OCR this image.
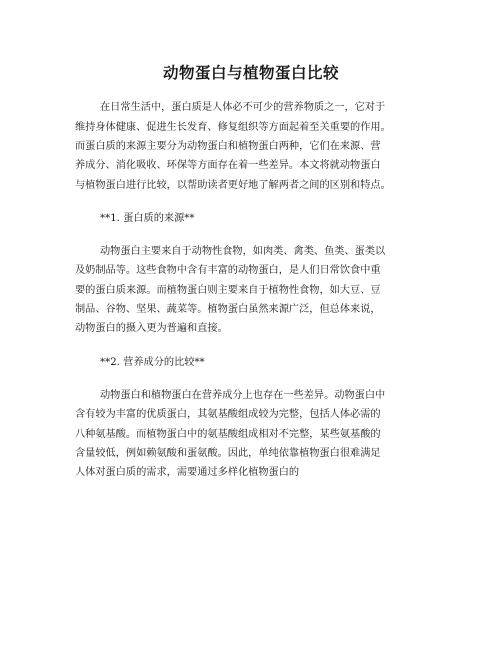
动物蛋白与植物蛋白比较
在日常生活中，蛋白质是人体必不可少的营养物质之一，它对于
维持身体健康、促进生长发育、修复组织等方面起着至关重要的作用。
而蛋白质的来源主要分为动物蛋白和植物蛋白两种，它们在来源、营
养成分、消化吸收、环保等方面存在着一些差异。本文将就动物蛋白
与植物蛋白进行比较，以帮助读者更好地了解两者之间的区别和特点。
**1. 蛋白质的来源**
动物蛋白主要来自于动物性食物，如肉类、禽类、鱼类、蛋类以
及奶制品等。这些食物中含有丰富的动物蛋白，是人们日常饮食中重
要的蛋白质来源。而植物蛋白则主要来自于植物性食物，如大豆、豆
制品、谷物、坚果、蔬菜等。植物蛋白虽然来源广泛，但总体来说，
动物蛋白的摄入更为普遍和直接。
**2. 营养成分的比较**
动物蛋白和植物蛋白在营养成分上也存在一些差异。动物蛋白中
含有较为丰富的优质蛋白，其氨基酸组成较为完整，包括人体必需的
八种氨基酸。而植物蛋白中的氨基酸组成相对不完整，某些氨基酸的
含量较低，例如赖氨酸和蛋氨酸。因此，单纯依靠植物蛋白很难满足
人体对蛋白质的需求，需要通过多样化植物蛋白的
